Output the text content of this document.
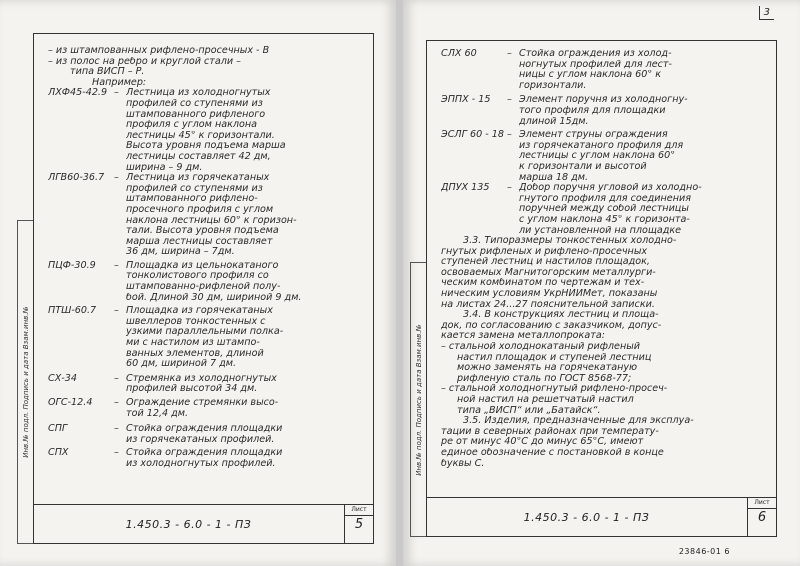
Инв.№ подл. Подпись и дата Взам.инв.№
– из штампованных рифлено-просечных - В
– из полос на ребро и круглой стали –
типа ВИСП – Р.
Например:
ЛХФ45-42.9 – Лестница из холодногнутых
профилей со ступенями из
штампованного рифленого
профиля с углом наклона
лестницы 45° к горизонтали.
Высота уровня подъема марша
лестницы составляет 42 дм,
ширина – 9 дм.
ЛГВ60-36.7	– Лестница из горячекатаных
профилей со ступенями из
штампованного рифлено-
просечного профиля с углом
наклона лестницы 60° к горизон-
тали. Высота уровня подъема
марша лестницы составляет
36 дм, ширина – 7дм.
ПЦФ-30.9	– Площадка из цельнокатаного
тонколистового профиля со
штампованно-рифленой полу-
бой. Длиной 30 дм, шириной 9 дм.
ПТШ-60.7	– Площадка из горячекатаных
швеллеров тонкостенных с
узкими параллельными полка-
ми с настилом из штампо-
ванных элементов, длиной
60 дм, шириной 7 дм.
СХ-34	– Стремянка из холодногнутых
профилей высотой 34 дм.
ОГС-12.4	– Ограждение стремянки высо-
той 12,4 дм.
СПГ	– Стойка ограждения площадки
из горячекатаных профилей.
СПХ	– Стойка ограждения площадки
из холодногнутых профилей.
1.450.3 - 6.0 - 1 - ПЗ
Лист
5
3
Инв.№ подл. Подпись и дата Взам.инв.№
СЛХ 60	– Стойка ограждения из холод-
ногнутых профилей для лест-
ницы с углом наклона 60° к
горизонтали.
ЭППХ - 15	– Элемент поручня из холодногну-
того профиля для площадки
длиной 15дм.
ЭСЛГ 60 - 18 – Элемент струны ограждения
из горячекатаного профиля для
лестницы с углом наклона 60°
к горизонтали и высотой
марша 18 дм.
ДПУХ 135	– Добор поручня угловой из холодно-
гнутого профиля для соединения
поручней между собой лестницы
с углом наклона 45° к горизонта-
ли установленной на площадке
3.3. Типоразмеры тонкостенных холодно-
гнутых рифленых и рифлено-просечных
ступеней лестниц и настилов площадок,
освоваемых Магнитогорским металлурги-
ческим комбинатом по чертежам и тех-
ническим условиям УкрНИИМет, показаны
на листах 24...27 пояснительной записки.
3.4. В конструкциях лестниц и площа-
док, по согласованию с заказчиком, допус-
кается замена металлопроката:
– стальной холоднокатаный рифленый
настил площадок и ступеней лестниц
можно заменять на горячекатаную
рифленую сталь по ГОСТ 8568-77;
– стальной холодногнутый рифлено-просеч-
ной настил на решетчатый настил
типа „ВИСП“ или „Батайск“.
3.5. Изделия, предназначенные для эксплуа-
тации в северных районах при температу-
ре от минус 40°С до минус 65°С, имеют
единое обозначение с постановкой в конце
буквы С.
1.450.3 - 6.0 - 1 - ПЗ
Лист
6
23846-01 6
